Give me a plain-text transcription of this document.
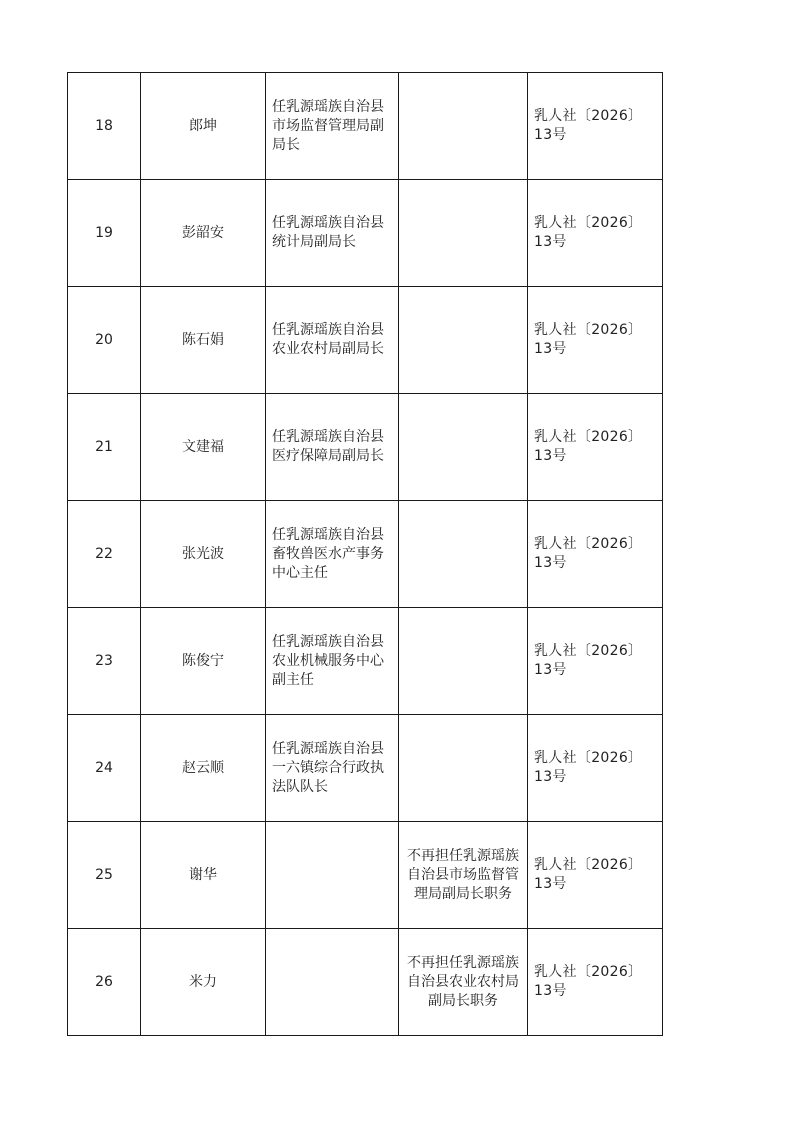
18	郎坤	任乳源瑶族自治县市场监督管理局副局长		乳人社〔2026〕13号

19	彭韶安	任乳源瑶族自治县统计局副局长		乳人社〔2026〕13号

20	陈石娟	任乳源瑶族自治县农业农村局副局长		乳人社〔2026〕13号

21	文建福	任乳源瑶族自治县医疗保障局副局长		乳人社〔2026〕13号

22	张光波	任乳源瑶族自治县畜牧兽医水产事务中心主任		乳人社〔2026〕13号

23	陈俊宁	任乳源瑶族自治县农业机械服务中心副主任		乳人社〔2026〕13号

24	赵云顺	任乳源瑶族自治县一六镇综合行政执法队队长		乳人社〔2026〕13号

25	谢华		不再担任乳源瑶族自治县市场监督管理局副局长职务	乳人社〔2026〕13号

26	米力		不再担任乳源瑶族自治县农业农村局副局长职务	乳人社〔2026〕13号
